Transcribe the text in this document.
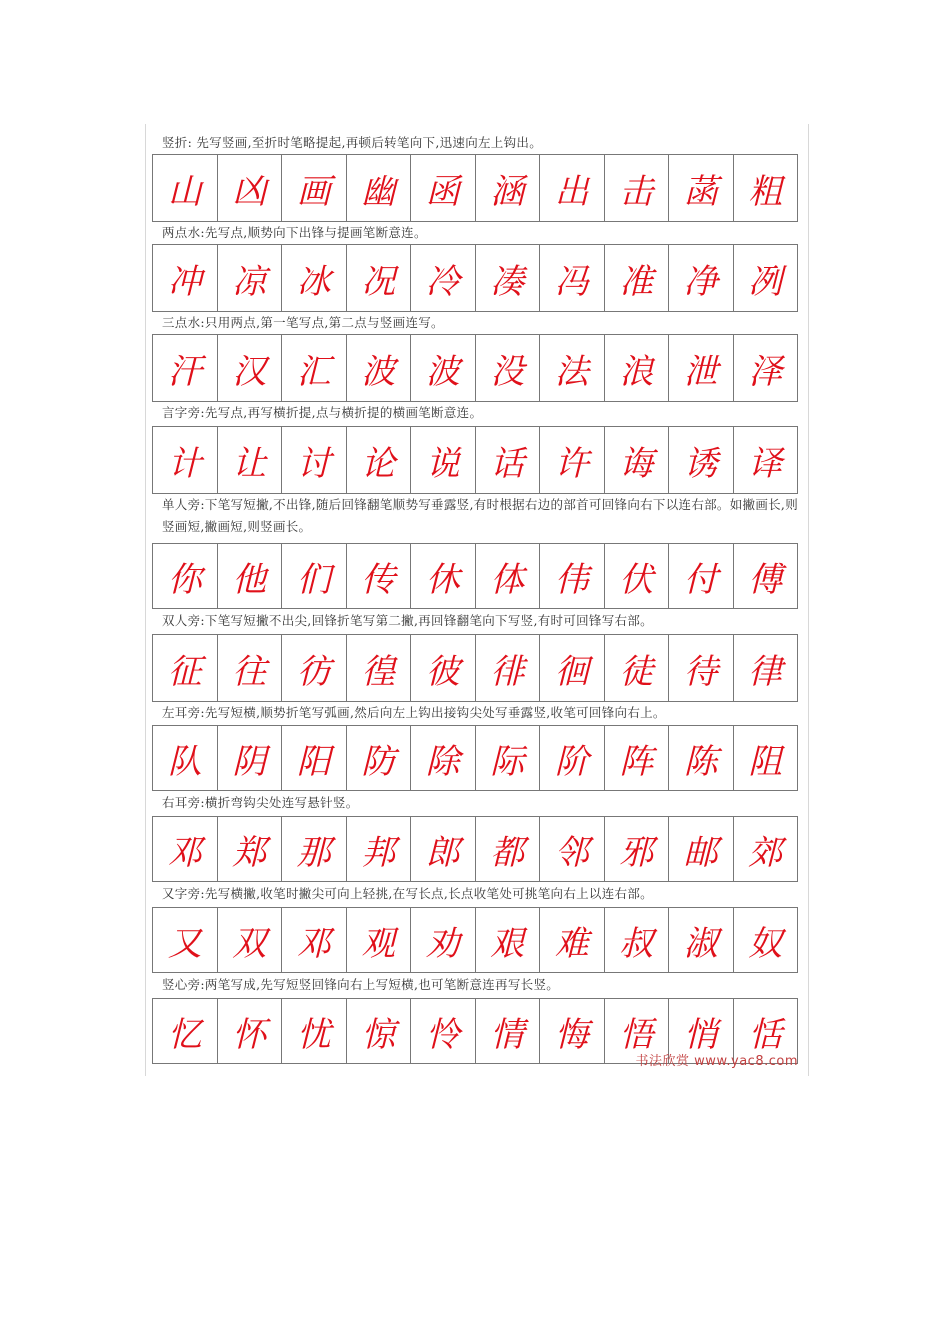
竖折: 先写竖画,至折时笔略提起,再顿后转笔向下,迅速向左上钩出。
山 凶 画 幽 函 涵 出 击 菡 粗
两点水:先写点,顺势向下出锋与提画笔断意连。
冲 凉 冰 况 冷 凑 冯 准 净 冽
三点水:只用两点,第一笔写点,第二点与竖画连写。
汗 汉 汇 波 波 没 法 浪 泄 泽
言字旁:先写点,再写横折提,点与横折提的横画笔断意连。
计 让 讨 论 说 话 许 诲 诱 译
单人旁:下笔写短撇,不出锋,随后回锋翻笔顺势写垂露竖,有时根据右边的部首可回锋向右下以连右部。如撇画长,则竖画短,撇画短,则竖画长。
你 他 们 传 休 体 伟 伏 付 傅
双人旁:下笔写短撇不出尖,回锋折笔写第二撇,再回锋翻笔向下写竖,有时可回锋写右部。
征 往 彷 徨 彼 徘 徊 徒 待 律
左耳旁:先写短横,顺势折笔写弧画,然后向左上钩出接钩尖处写垂露竖,收笔可回锋向右上。
队 阴 阳 防 除 际 阶 阵 陈 阻
右耳旁:横折弯钩尖处连写悬针竖。
邓 郑 那 邦 郎 都 邻 邪 邮 郊
又字旁:先写横撇,收笔时撇尖可向上轻挑,在写长点,长点收笔处可挑笔向右上以连右部。
又 双 邓 观 劝 艰 难 叔 淑 奴
竖心旁:两笔写成,先写短竖回锋向右上写短横,也可笔断意连再写长竖。
忆 怀 忧 惊 怜 情 悔 悟 悄 恬
书法欣赏 www.yac8.com
